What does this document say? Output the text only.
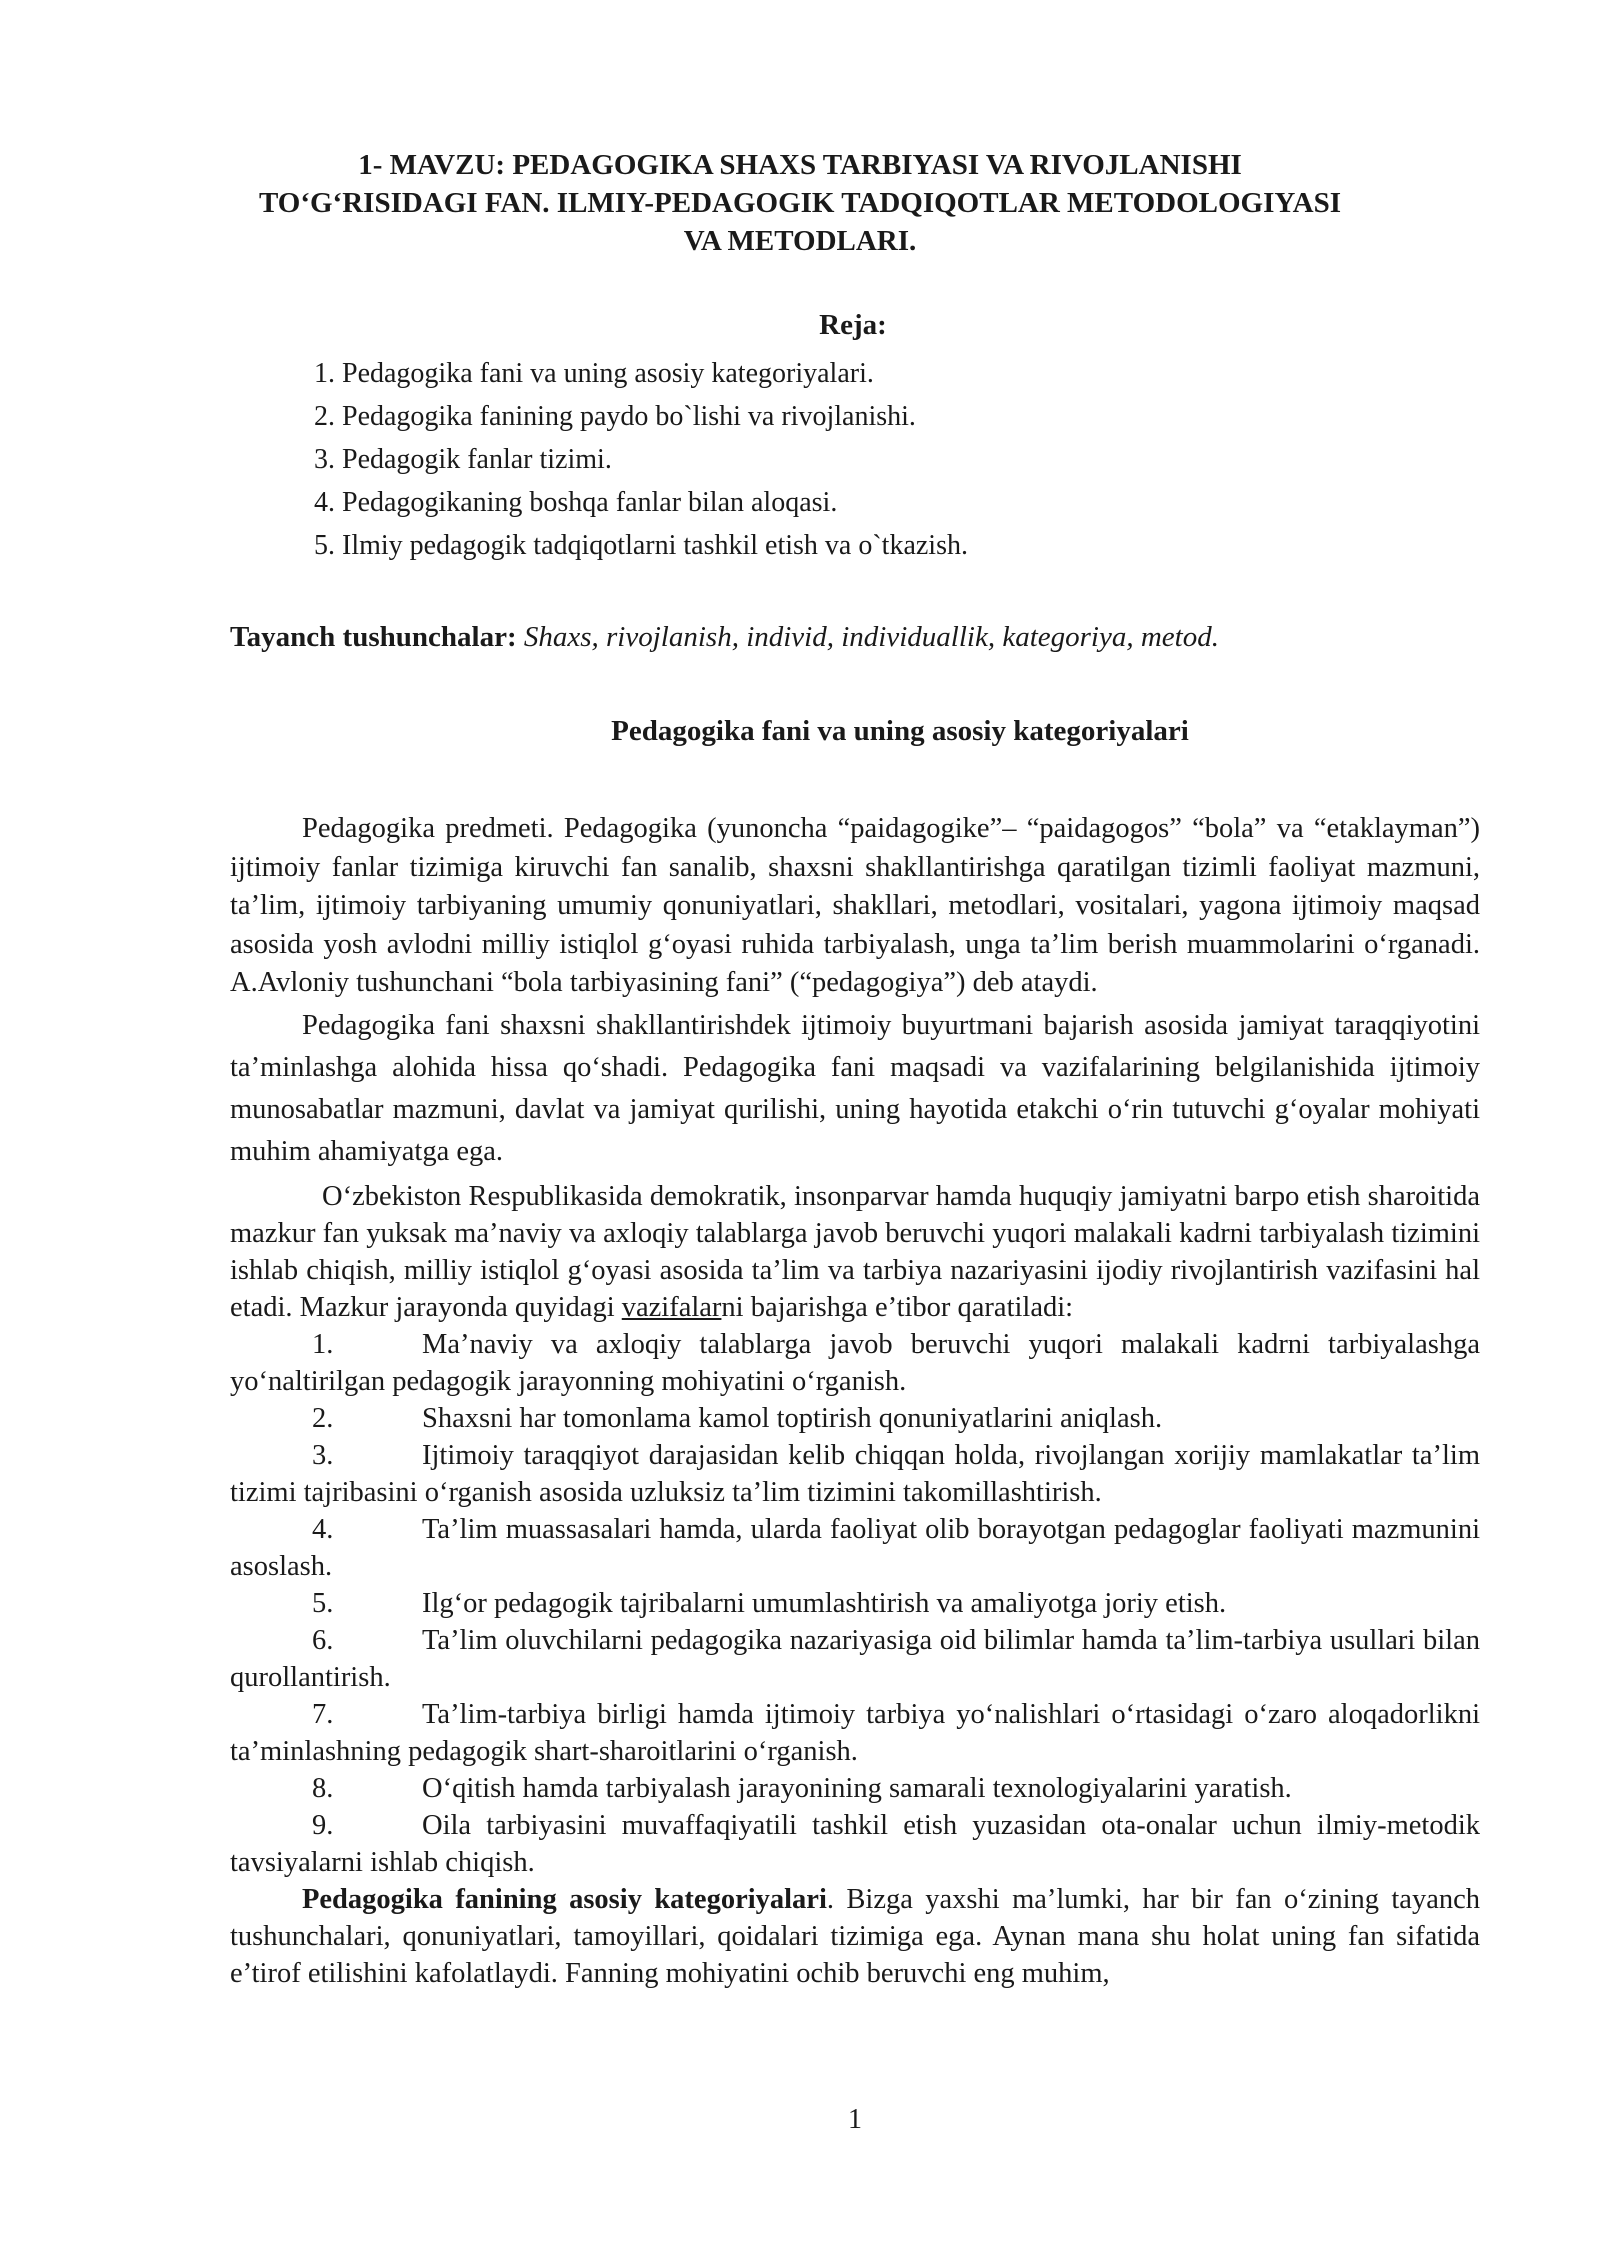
1- MAVZU: PEDAGOGIKA SHAXS TARBIYASI VA RIVOJLANISHI
TO‘G‘RISIDAGI FAN. ILMIY-PEDAGOGIK TADQIQOTLAR METODOLOGIYASI
VA METODLARI.
Reja:
1. Pedagogika fani va uning asosiy kategoriyalari.
2. Pedagogika fanining paydo bo`lishi va rivojlanishi.
3. Pedagogik fanlar tizimi.
4. Pedagogikaning boshqa fanlar bilan aloqasi.
5. Ilmiy pedagogik tadqiqotlarni tashkil etish va o`tkazish.
Tayanch tushunchalar: Shaxs, rivojlanish, individ, individuallik, kategoriya, metod.
Pedagogika fani va uning asosiy kategoriyalari

Pedagogika predmeti. Pedagogika (yunoncha “paidagogike”– “paidagogos” “bola” va “etaklayman”) ijtimoiy fanlar tizimiga kiruvchi fan sanalib, shaxsni shakllantirishga qaratilgan tizimli faoliyat mazmuni, ta’lim, ijtimoiy tarbiyaning umumiy qonuniyatlari, shakllari, metodlari, vositalari, yagona ijtimoiy maqsad asosida yosh avlodni milliy istiqlol g‘oyasi ruhida tarbiyalash, unga ta’lim berish muammolarini o‘rganadi. A.Avloniy tushunchani “bola tarbiyasining fani” (“pedagogiya”) deb ataydi.

Pedagogika fani shaxsni shakllantirishdek ijtimoiy buyurtmani bajarish asosida jamiyat taraqqiyotini ta’minlashga alohida hissa qo‘shadi. Pedagogika fani maqsadi va vazifalarining belgilanishida ijtimoiy munosabatlar mazmuni, davlat va jamiyat qurilishi, uning hayotida etakchi o‘rin tutuvchi g‘oyalar mohiyati muhim ahamiyatga ega.

O‘zbekiston Respublikasida demokratik, insonparvar hamda huquqiy jamiyatni barpo etish sharoitida mazkur fan yuksak ma’naviy va axloqiy talablarga javob beruvchi yuqori malakali kadrni tarbiyalash tizimini ishlab chiqish, milliy istiqlol g‘oyasi asosida ta’lim va tarbiya nazariyasini ijodiy rivojlantirish vazifasini hal etadi. Mazkur jarayonda quyidagi vazifalarni bajarishga e’tibor qaratiladi:

1.	Ma’naviy va axloqiy talablarga javob beruvchi yuqori malakali kadrni tarbiyalashga yo‘naltirilgan pedagogik jarayonning mohiyatini o‘rganish.

2.	Shaxsni har tomonlama kamol toptirish qonuniyatlarini aniqlash.

3.	Ijtimoiy taraqqiyot darajasidan kelib chiqqan holda, rivojlangan xorijiy mamlakatlar ta’lim tizimi tajribasini o‘rganish asosida uzluksiz ta’lim tizimini takomillashtirish.

4.	Ta’lim muassasalari hamda, ularda faoliyat olib borayotgan pedagoglar faoliyati mazmunini asoslash.

5.	Ilg‘or pedagogik tajribalarni umumlashtirish va amaliyotga joriy etish.

6.	Ta’lim oluvchilarni pedagogika nazariyasiga oid bilimlar hamda ta’lim-tarbiya usullari bilan qurollantirish.

7.	Ta’lim-tarbiya birligi hamda ijtimoiy tarbiya yo‘nalishlari o‘rtasidagi o‘zaro aloqadorlikni ta’minlashning pedagogik shart-sharoitlarini o‘rganish.

8.	O‘qitish hamda tarbiyalash jarayonining samarali texnologiyalarini yaratish.

9.	Oila tarbiyasini muvaffaqiyatili tashkil etish yuzasidan ota-onalar uchun ilmiy-metodik tavsiyalarni ishlab chiqish.

Pedagogika fanining asosiy kategoriyalari. Bizga yaxshi ma’lumki, har bir fan o‘zining tayanch tushunchalari, qonuniyatlari, tamoyillari, qoidalari tizimiga ega. Aynan mana shu holat uning fan sifatida e’tirof etilishini kafolatlaydi. Fanning mohiyatini ochib beruvchi eng muhim,

1
